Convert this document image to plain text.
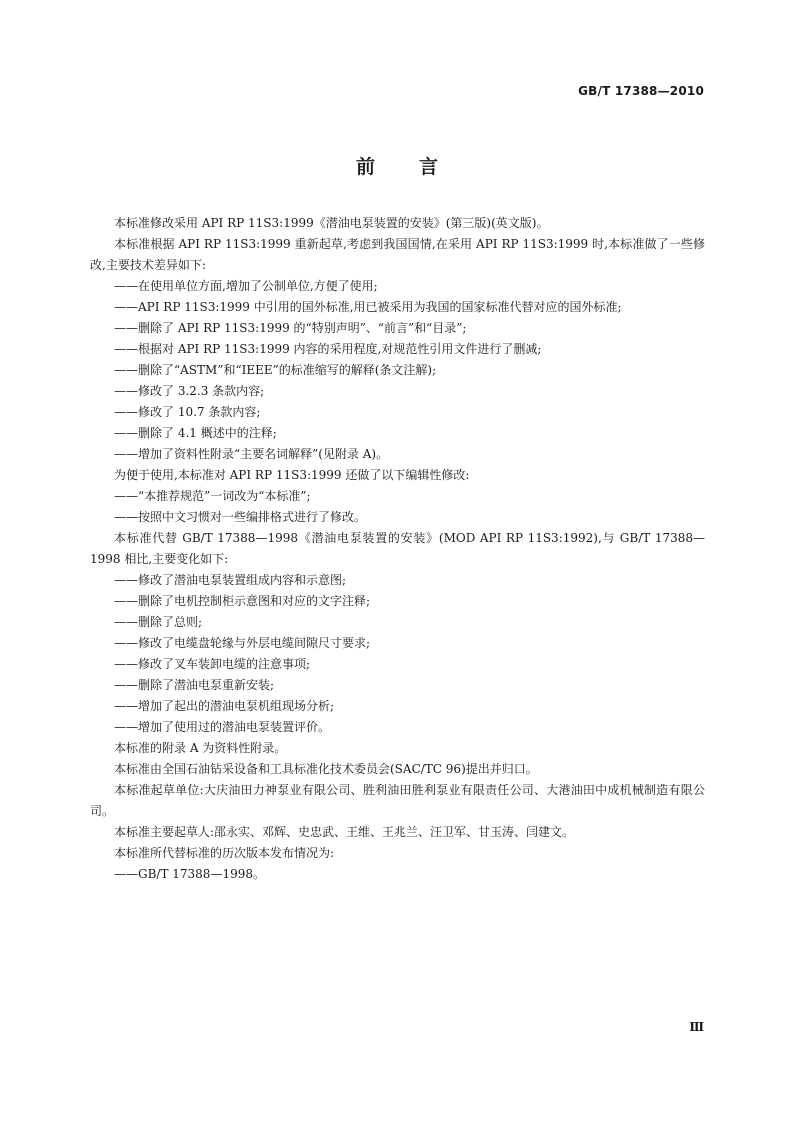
GB/T 17388—2010
前言

本标准修改采用 API RP 11S3:1999《潜油电泵装置的安装》(第三版)(英文版)。

本标准根据 API RP 11S3:1999 重新起草,考虑到我国国情,在采用 API RP 11S3:1999 时,本标准做了一些修改,主要技术差异如下:

——在使用单位方面,增加了公制单位,方便了使用;

——API RP 11S3:1999 中引用的国外标准,用已被采用为我国的国家标准代替对应的国外标准;

——删除了 API RP 11S3:1999 的“特别声明”、“前言”和“目录”;

——根据对 API RP 11S3:1999 内容的采用程度,对规范性引用文件进行了删减;

——删除了“ASTM”和“IEEE”的标准缩写的解释(条文注解);

——修改了 3.2.3 条款内容;

——修改了 10.7 条款内容;

——删除了 4.1 概述中的注释;

——增加了资料性附录“主要名词解释”(见附录 A)。

为便于使用,本标准对 API RP 11S3:1999 还做了以下编辑性修改:

——“本推荐规范”一词改为“本标准”;

——按照中文习惯对一些编排格式进行了修改。

本标准代替 GB/T 17388—1998《潜油电泵装置的安装》(MOD API RP 11S3:1992),与 GB/T 17388—1998 相比,主要变化如下:

——修改了潜油电泵装置组成内容和示意图;

——删除了电机控制柜示意图和对应的文字注释;

——删除了总则;

——修改了电缆盘轮缘与外层电缆间隙尺寸要求;

——修改了叉车装卸电缆的注意事项;

——删除了潜油电泵重新安装;

——增加了起出的潜油电泵机组现场分析;

——增加了使用过的潜油电泵装置评价。

本标准的附录 A 为资料性附录。

本标准由全国石油钻采设备和工具标准化技术委员会(SAC/TC 96)提出并归口。

本标准起草单位:大庆油田力神泵业有限公司、胜利油田胜利泵业有限责任公司、大港油田中成机械制造有限公司。

本标准主要起草人:邵永实、邓辉、史忠武、王维、王兆兰、汪卫军、甘玉涛、闫建文。

本标准所代替标准的历次版本发布情况为:

——GB/T 17388—1998。

Ⅲ
